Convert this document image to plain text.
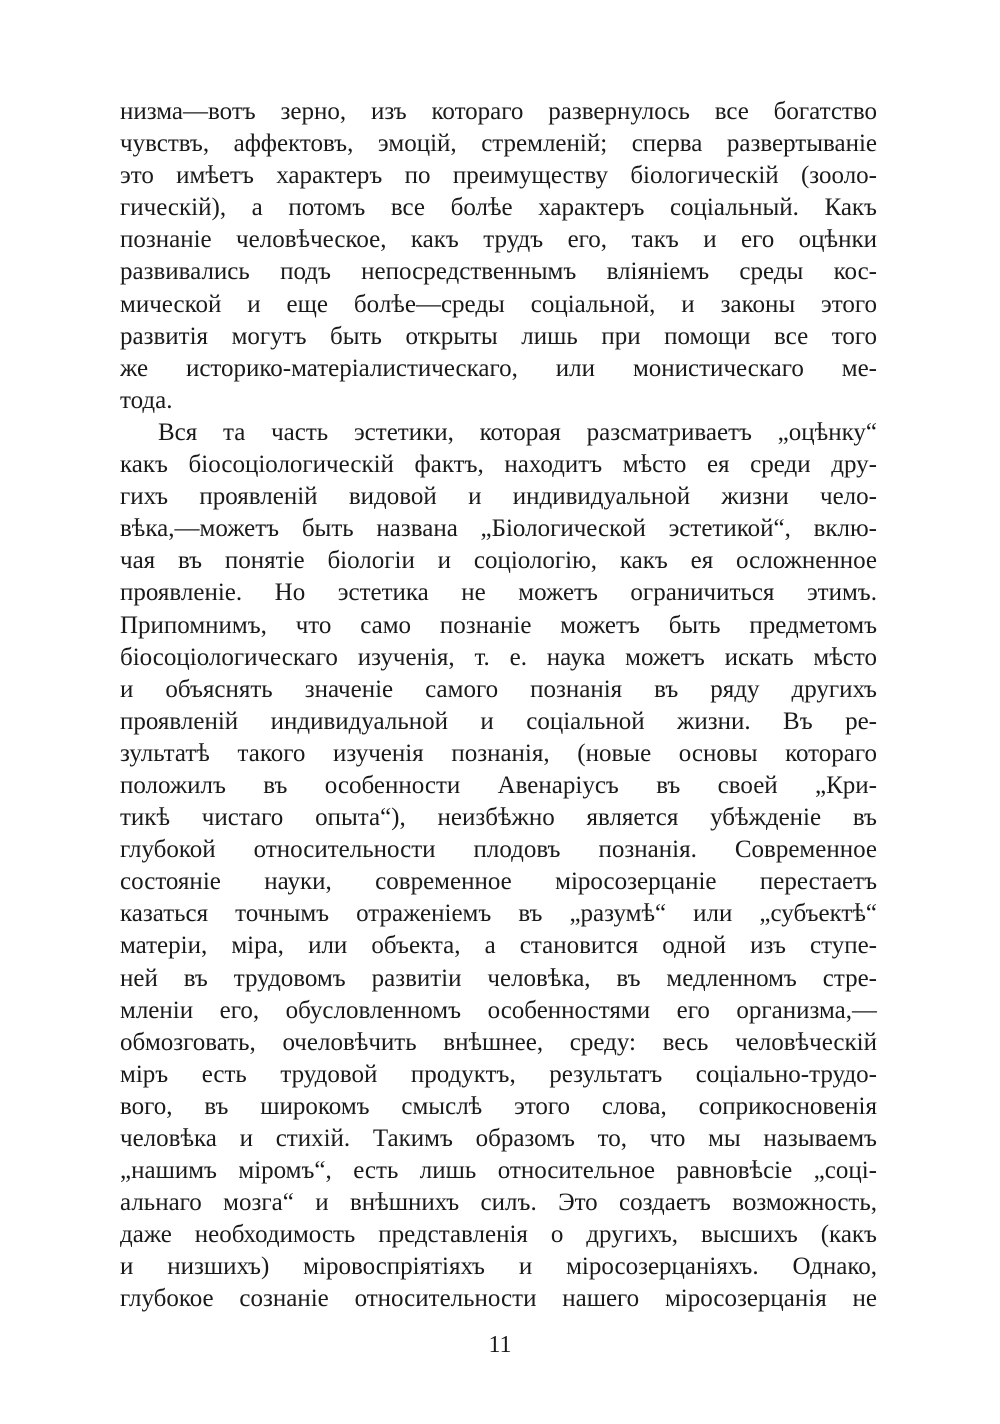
низма—вотъ зерно, изъ котораго развернулось все богатство
чувствъ, аффектовъ, эмоцій, стремленій; сперва развертываніе
это имѣетъ характеръ по преимуществу біологическій (зооло-
гическій), а потомъ все болѣе характеръ соціальный. Какъ
познаніе человѣческое, какъ трудъ его, такъ и его оцѣнки
развивались подъ непосредственнымъ вліяніемъ среды кос-
мической и еще болѣе—среды соціальной, и законы этого
развитія могутъ быть открыты лишь при помощи все того
же историко-матеріалистическаго, или монистическаго ме-
тода.
Вся та часть эстетики, которая разсматриваетъ „оцѣнку“
какъ біосоціологическій фактъ, находитъ мѣсто ея среди дру-
гихъ проявленій видовой и индивидуальной жизни чело-
вѣка,—можетъ быть названа „Біологической эстетикой“, вклю-
чая въ понятіе біологіи и соціологію, какъ ея осложненное
проявленіе. Но эстетика не можетъ ограничиться этимъ.
Припомнимъ, что само познаніе можетъ быть предметомъ
біосоціологическаго изученія, т. е. наука можетъ искать мѣсто
и объяснять значеніе самого познанія въ ряду другихъ
проявленій индивидуальной и соціальной жизни. Въ ре-
зультатѣ такого изученія познанія, (новые основы котораго
положилъ въ особенности Авенаріусъ въ своей „Кри-
тикѣ чистаго опыта“), неизбѣжно является убѣжденіе въ
глубокой относительности плодовъ познанія. Современное
состояніе науки, современное міросозерцаніе перестаетъ
казаться точнымъ отраженіемъ въ „разумѣ“ или „субъектѣ“
матеріи, міра, или объекта, а становится одной изъ ступе-
ней въ трудовомъ развитіи человѣка, въ медленномъ стре-
мленіи его, обусловленномъ особенностями его организма,—
обмозговать, очеловѣчить внѣшнее, среду: весь человѣческій
міръ есть трудовой продуктъ, результатъ соціально-трудо-
вого, въ широкомъ смыслѣ этого слова, соприкосновенія
человѣка и стихій. Такимъ образомъ то, что мы называемъ
„нашимъ міромъ“, есть лишь относительное равновѣсіе „соці-
альнаго мозга“ и внѣшнихъ силъ. Это создаетъ возможность,
даже необходимость представленія о другихъ, высшихъ (какъ
и низшихъ) міровоспріятіяхъ и міросозерцаніяхъ. Однако,
глубокое сознаніе относительности нашего міросозерцанія не
11
